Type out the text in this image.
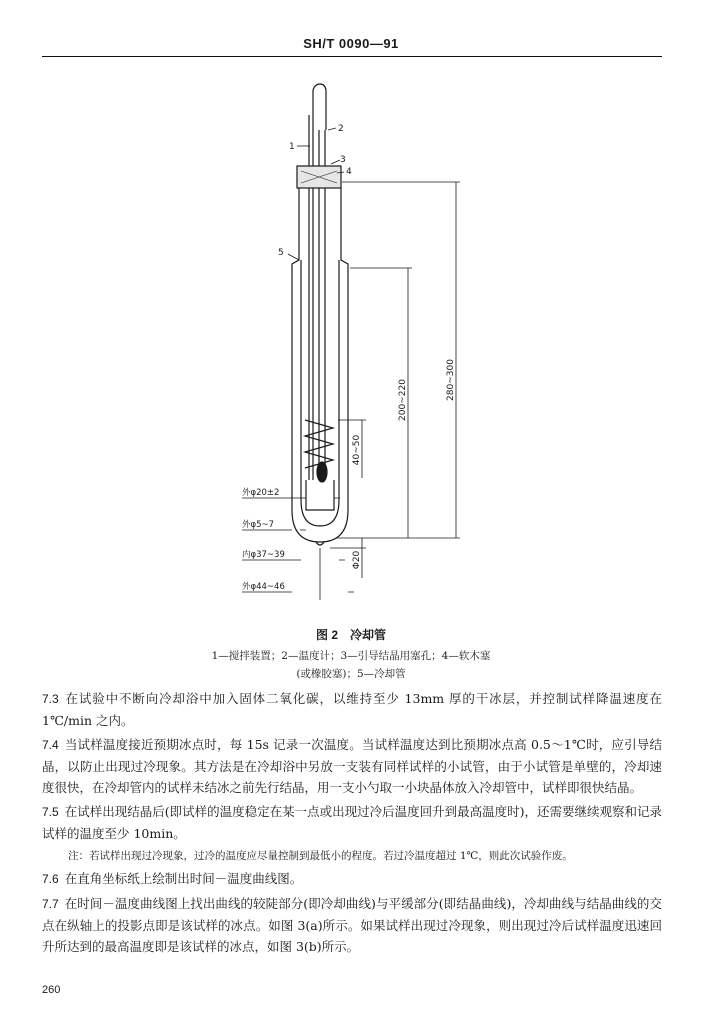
SH/T 0090—91
1
2
3
4
5
280~300
200~220
40~50
Φ20
外φ20±2
外φ5~7
内φ37~39
外φ44~46
图 2　冷却管
1—搅拌装置；2—温度计；3—引导结晶用塞孔；4—软木塞
(或橡胶塞)；5—冷却管

7.3 在试验中不断向冷却浴中加入固体二氧化碳，以维持至少 13mm 厚的干冰层，并控制试样降温速度在 1℃/min 之内。

7.4 当试样温度接近预期冰点时，每 15s 记录一次温度。当试样温度达到比预期冰点高 0.5～1℃时，应引导结晶，以防止出现过冷现象。其方法是在冷却浴中另放一支装有同样试样的小试管，由于小试管是单壁的，冷却速度很快，在冷却管内的试样未结冰之前先行结晶，用一支小勺取一小块晶体放入冷却管中，试样即很快结晶。

7.5 在试样出现结晶后(即试样的温度稳定在某一点或出现过冷后温度回升到最高温度时)，还需要继续观察和记录试样的温度至少 10min。

注：若试样出现过冷现象，过冷的温度应尽量控制到最低小的程度。若过冷温度超过 1℃，则此次试验作废。

7.6 在直角坐标纸上绘制出时间－温度曲线图。

7.7 在时间－温度曲线图上找出曲线的较陡部分(即冷却曲线)与平缓部分(即结晶曲线)，冷却曲线与结晶曲线的交点在纵轴上的投影点即是该试样的冰点。如图 3(a)所示。如果试样出现过冷现象，则出现过冷后试样温度迅速回升所达到的最高温度即是该试样的冰点，如图 3(b)所示。

260
